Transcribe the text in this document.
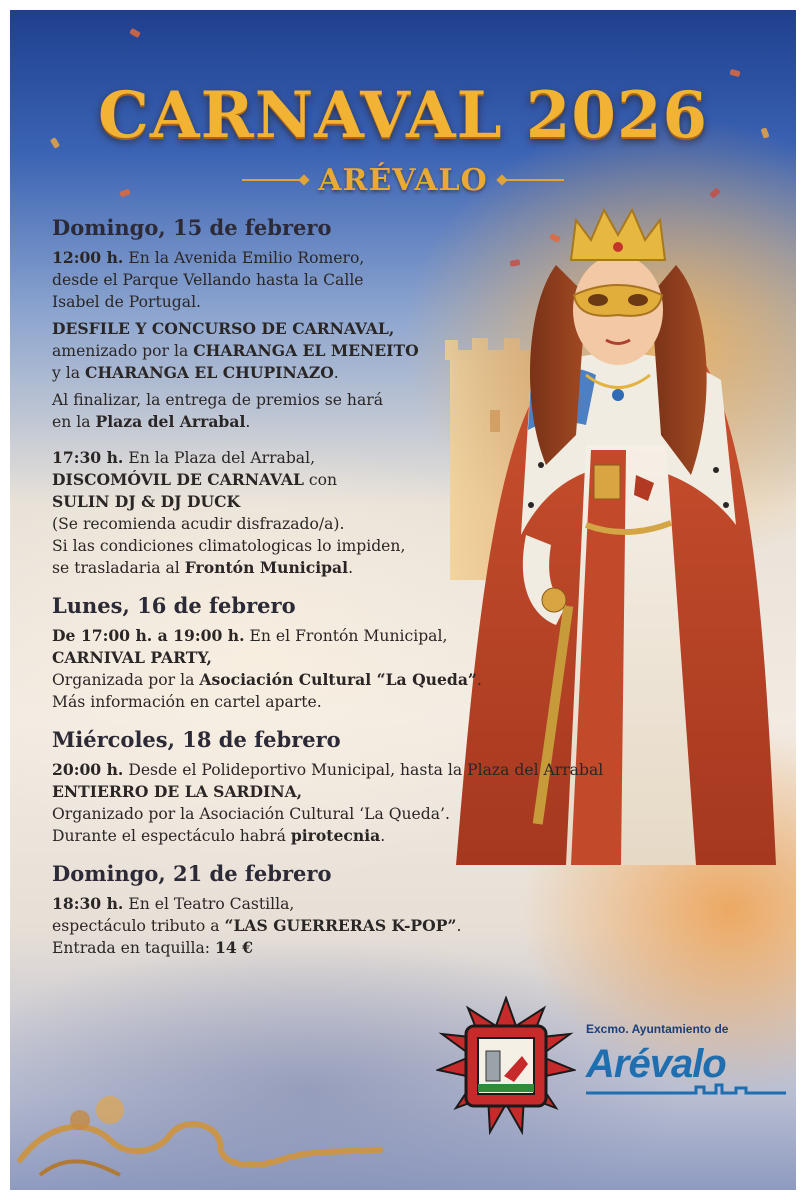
CARNAVAL 2026
ARÉVALO
Domingo, 15 de febrero
12:00 h. En la Avenida Emilio Romero,
desde el Parque Vellando hasta la Calle
Isabel de Portugal.
DESFILE Y CONCURSO DE CARNAVAL,
amenizado por la CHARANGA EL MENEITO
y la CHARANGA EL CHUPINAZO.
Al finalizar, la entrega de premios se hará
en la Plaza del Arrabal.
17:30 h. En la Plaza del Arrabal,
DISCOMÓVIL DE CARNAVAL con
SULIN DJ & DJ DUCK
(Se recomienda acudir disfrazado/a).
Si las condiciones climatologicas lo impiden,
se trasladaria al Frontón Municipal.
Lunes, 16 de febrero
De 17:00 h. a 19:00 h. En el Frontón Municipal,
CARNIVAL PARTY,
Organizada por la Asociación Cultural “La Queda”.
Más información en cartel aparte.
Miércoles, 18 de febrero
20:00 h. Desde el Polideportivo Municipal, hasta la Plaza del Arrabal
ENTIERRO DE LA SARDINA,
Organizado por la Asociación Cultural ‘La Queda’.
Durante el espectáculo habrá pirotecnia.
Domingo, 21 de febrero
18:30 h. En el Teatro Castilla,
espectáculo tributo a “LAS GUERRERAS K-POP”.
Entrada en taquilla: 14 €
Excmo. Ayuntamiento de
Arévalo
